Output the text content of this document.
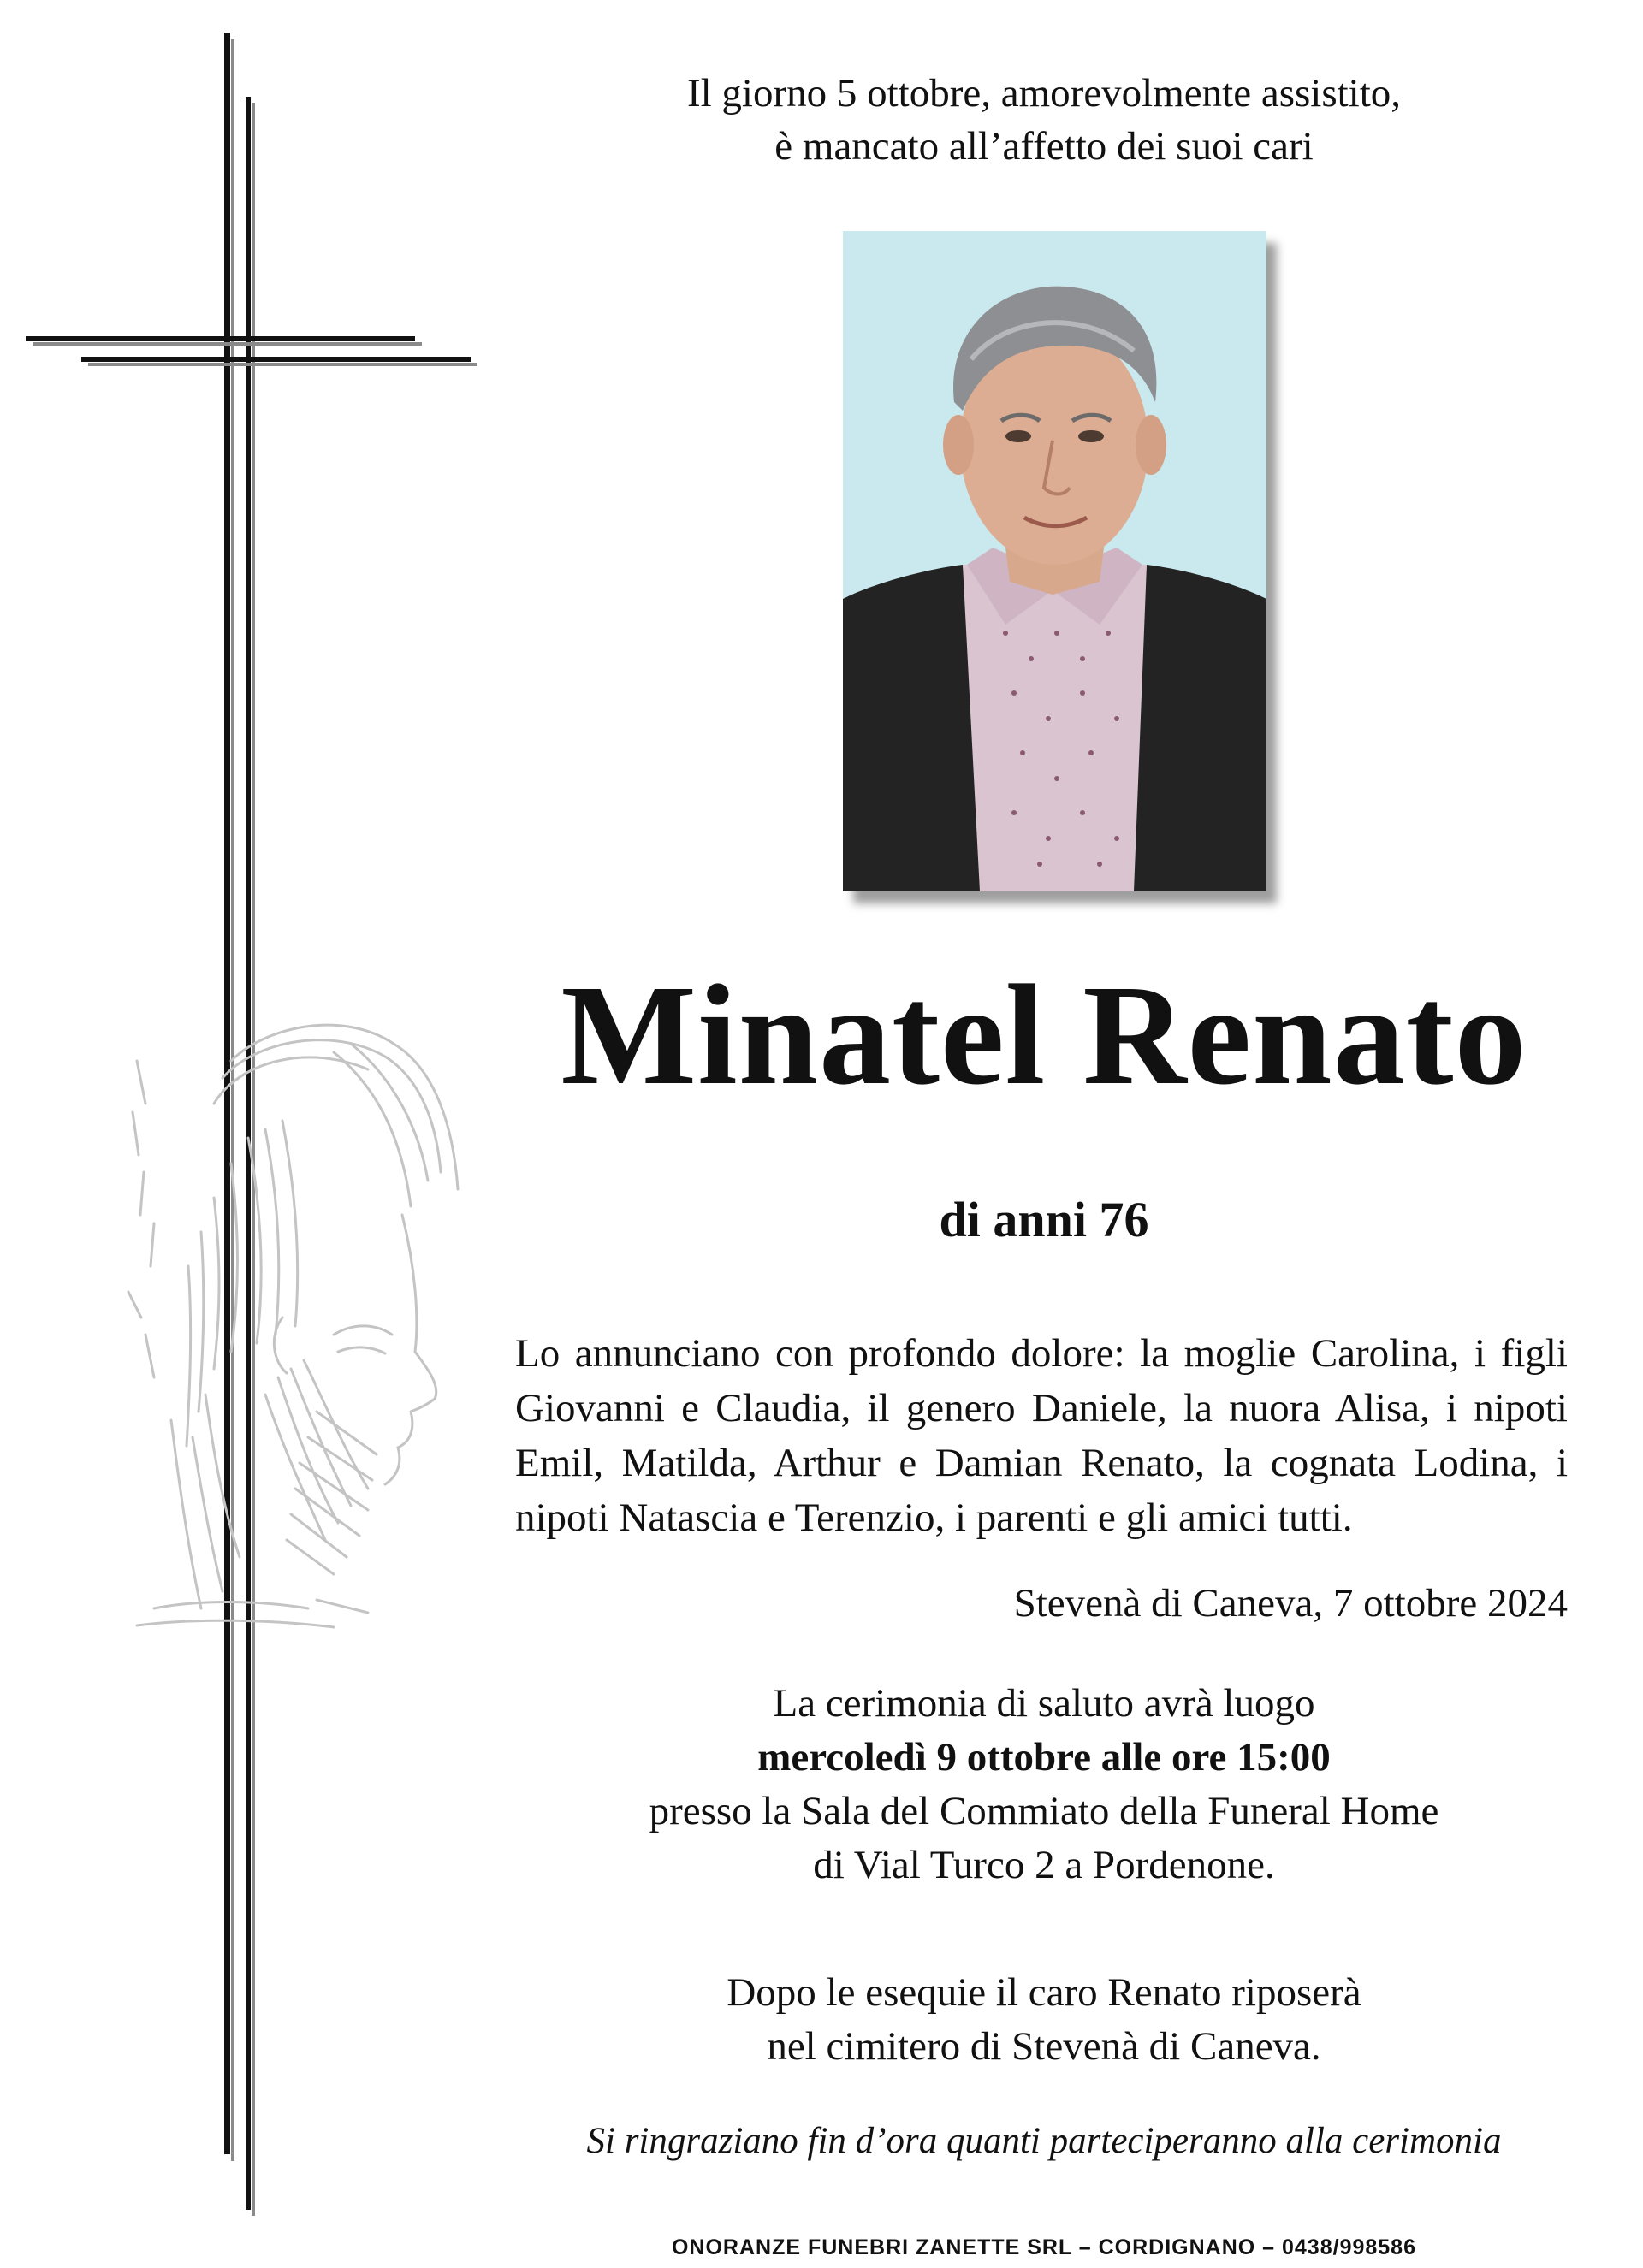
Il giorno 5 ottobre, amorevolmente assistito,
è mancato all’affetto dei suoi cari
Minatel Renato
di anni 76
Lo annunciano con profondo dolore: la moglie Carolina, i figli Giovanni e Claudia, il genero Daniele, la nuora Alisa, i nipoti Emil, Matilda, Arthur e Damian Renato, la cognata Lodina, i nipoti Natascia e Terenzio, i parenti e gli amici tutti.
Stevenà di Caneva, 7 ottobre 2024
La cerimonia di saluto avrà luogo
mercoledì 9 ottobre alle ore 15:00
presso la Sala del Commiato della Funeral Home
di Vial Turco 2 a Pordenone.
Dopo le esequie il caro Renato riposerà
nel cimitero di Stevenà di Caneva.
Si ringraziano fin d’ora quanti parteciperanno alla cerimonia
ONORANZE FUNEBRI ZANETTE SRL – CORDIGNANO – 0438/998586
